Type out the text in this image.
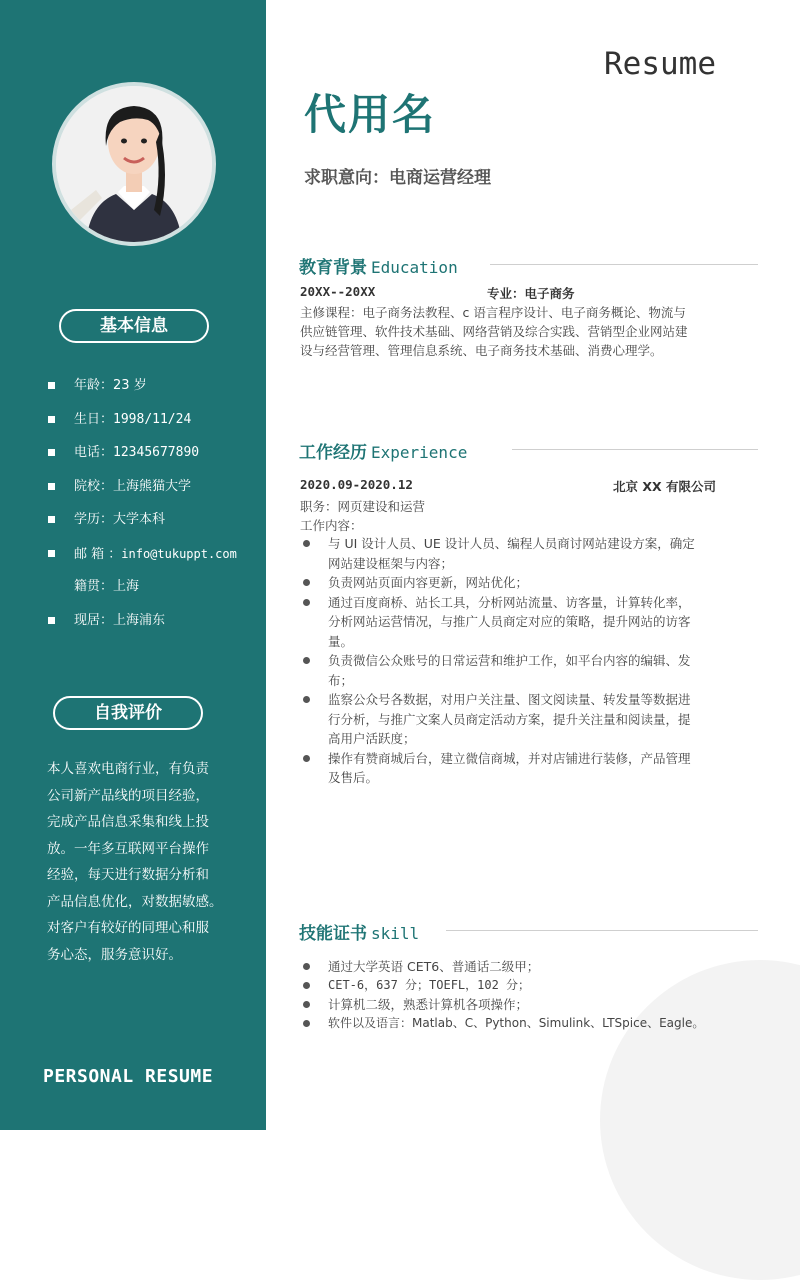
基本信息
年龄：23 岁
生日：1998/11/24
电话：12345677890
院校：上海熊猫大学
学历：大学本科
邮 箱 ：info@tukuppt.com
籍贯：上海
现居：上海浦东
自我评价
本人喜欢电商行业，有负责
公司新产品线的项目经验，
完成产品信息采集和线上投
放。一年多互联网平台操作
经验，每天进行数据分析和
产品信息优化，对数据敏感。
对客户有较好的同理心和服
务心态，服务意识好。
PERSONAL RESUME
Resume
代用名
求职意向：电商运营经理
教育背景 Education
20XX--20XX	专业：电子商务
主修课程：电子商务法教程、c 语言程序设计、电子商务概论、物流与
供应链管理、软件技术基础、网络营销及综合实践、营销型企业网站建
设与经营管理、管理信息系统、电子商务技术基础、消费心理学。
工作经历 Experience
2020.09-2020.12	北京 XX 有限公司
职务：网页建设和运营
工作内容：
与 UI 设计人员、UE 设计人员、编程人员商讨网站建设方案，确定
网站建设框架与内容；
负责网站页面内容更新，网站优化；
通过百度商桥、站长工具，分析网站流量、访客量，计算转化率，
分析网站运营情况，与推广人员商定对应的策略，提升网站的访客
量。
负责微信公众账号的日常运营和维护工作，如平台内容的编辑、发
布；
监察公众号各数据，对用户关注量、图文阅读量、转发量等数据进
行分析，与推广文案人员商定活动方案，提升关注量和阅读量，提
高用户活跃度；
操作有赞商城后台，建立微信商城，并对店铺进行装修，产品管理
及售后。
技能证书 skill
通过大学英语 CET6、普通话二级甲；
CET-6，637 分；TOEFL，102 分；
计算机二级，熟悉计算机各项操作；
软件以及语言：Matlab、C、Python、Simulink、LTSpice、Eagle。
